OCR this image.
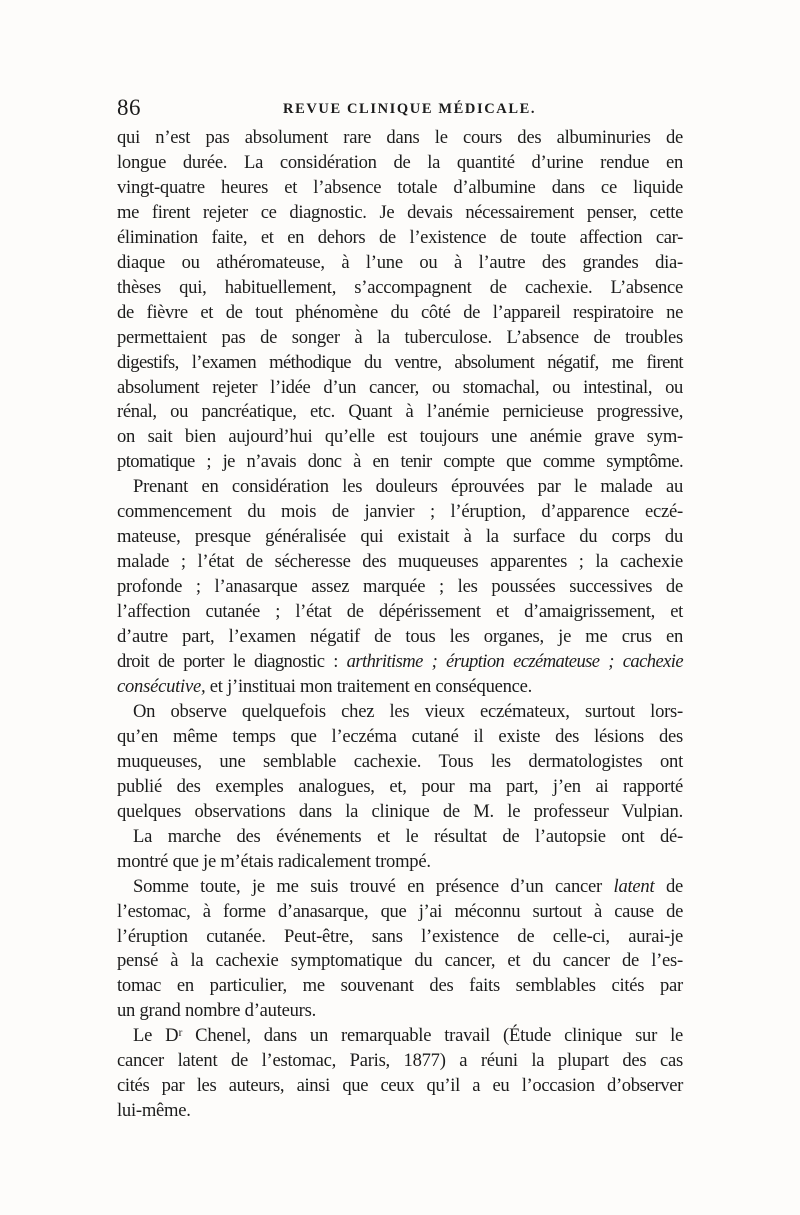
86	REVUE CLINIQUE MÉDICALE.

qui n’est pas absolument rare dans le cours des albuminuries de
longue durée. La considération de la quantité d’urine rendue en
vingt-quatre heures et l’absence totale d’albumine dans ce liquide
me firent rejeter ce diagnostic. Je devais nécessairement penser, cette
élimination faite, et en dehors de l’existence de toute affection car-
diaque ou athéromateuse, à l’une ou à l’autre des grandes dia-
thèses qui, habituellement, s’accompagnent de cachexie. L’absence
de fièvre et de tout phénomène du côté de l’appareil respiratoire ne
permettaient pas de songer à la tuberculose. L’absence de troubles
digestifs, l’examen méthodique du ventre, absolument négatif, me firent
absolument rejeter l’idée d’un cancer, ou stomachal, ou intestinal, ou
rénal, ou pancréatique, etc. Quant à l’anémie pernicieuse progressive,
on sait bien aujourd’hui qu’elle est toujours une anémie grave sym-
ptomatique ; je n’avais donc à en tenir compte que comme symptôme.

Prenant en considération les douleurs éprouvées par le malade au
commencement du mois de janvier ; l’éruption, d’apparence eczé-
mateuse, presque généralisée qui existait à la surface du corps du
malade ; l’état de sécheresse des muqueuses apparentes ; la cachexie
profonde ; l’anasarque assez marquée ; les poussées successives de
l’affection cutanée ; l’état de dépérissement et d’amaigrissement, et
d’autre part, l’examen négatif de tous les organes, je me crus en
droit de porter le diagnostic : arthritisme ; éruption eczémateuse ; cachexie
consécutive, et j’instituai mon traitement en conséquence.

On observe quelquefois chez les vieux eczémateux, surtout lors-
qu’en même temps que l’eczéma cutané il existe des lésions des
muqueuses, une semblable cachexie. Tous les dermatologistes ont
publié des exemples analogues, et, pour ma part, j’en ai rapporté
quelques observations dans la clinique de M. le professeur Vulpian.

La marche des événements et le résultat de l’autopsie ont dé-
montré que je m’étais radicalement trompé.

Somme toute, je me suis trouvé en présence d’un cancer latent de
l’estomac, à forme d’anasarque, que j’ai méconnu surtout à cause de
l’éruption cutanée. Peut-être, sans l’existence de celle-ci, aurai-je
pensé à la cachexie symptomatique du cancer, et du cancer de l’es-
tomac en particulier, me souvenant des faits semblables cités par
un grand nombre d’auteurs.

Le Dʳ Chenel, dans un remarquable travail (Étude clinique sur le
cancer latent de l’estomac, Paris, 1877) a réuni la plupart des cas
cités par les auteurs, ainsi que ceux qu’il a eu l’occasion d’observer
lui-même.
